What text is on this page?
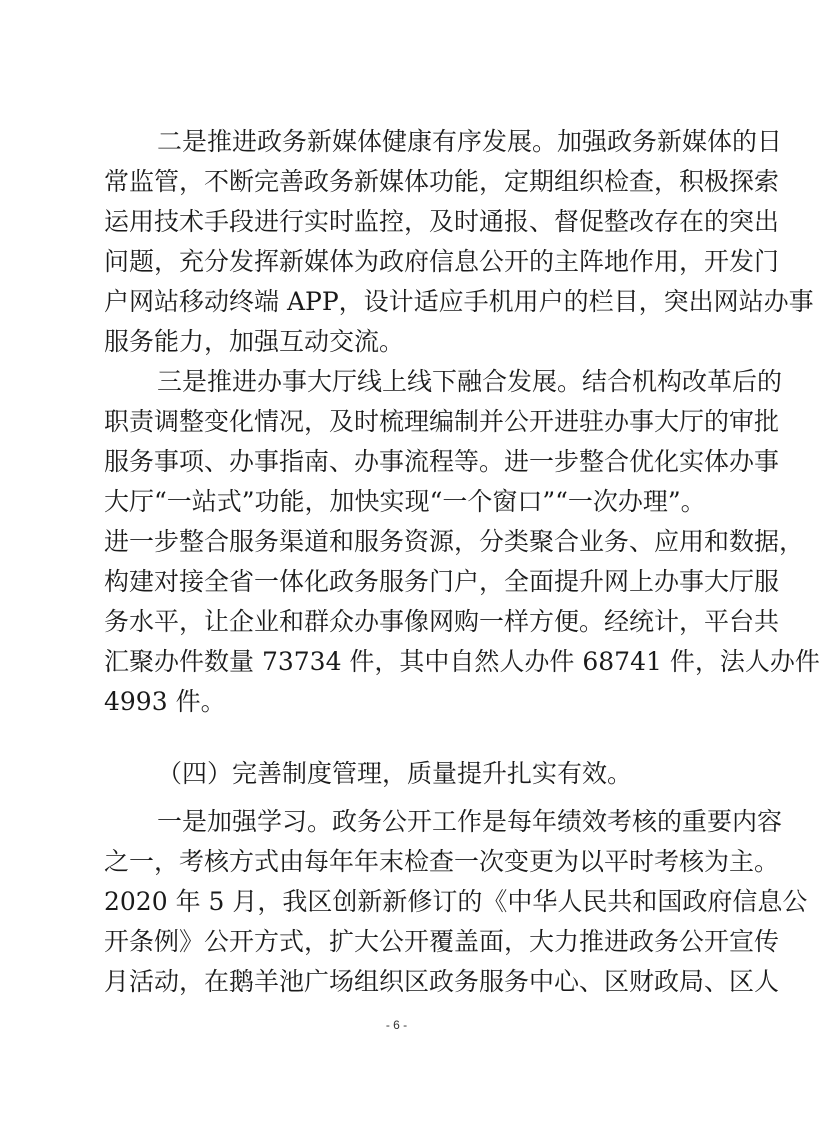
二是推进政务新媒体健康有序发展。加强政务新媒体的日
常监管，不断完善政务新媒体功能，定期组织检查，积极探索
运用技术手段进行实时监控，及时通报、督促整改存在的突出
问题，充分发挥新媒体为政府信息公开的主阵地作用，开发门
户网站移动终端 APP，设计适应手机用户的栏目，突出网站办事
服务能力，加强互动交流。
三是推进办事大厅线上线下融合发展。结合机构改革后的
职责调整变化情况，及时梳理编制并公开进驻办事大厅的审批
服务事项、办事指南、办事流程等。进一步整合优化实体办事
大厅“一站式”功能，加快实现“一个窗口”“一次办理”。
进一步整合服务渠道和服务资源，分类聚合业务、应用和数据，
构建对接全省一体化政务服务门户，全面提升网上办事大厅服
务水平，让企业和群众办事像网购一样方便。经统计，平台共
汇聚办件数量 73734 件，其中自然人办件 68741 件，法人办件
4993 件。
（四）完善制度管理，质量提升扎实有效。
一是加强学习。政务公开工作是每年绩效考核的重要内容
之一，考核方式由每年年末检查一次变更为以平时考核为主。
2020 年 5 月，我区创新新修订的《中华人民共和国政府信息公
开条例》公开方式，扩大公开覆盖面，大力推进政务公开宣传
月活动，在鹅羊池广场组织区政务服务中心、区财政局、区人
- 6 -
